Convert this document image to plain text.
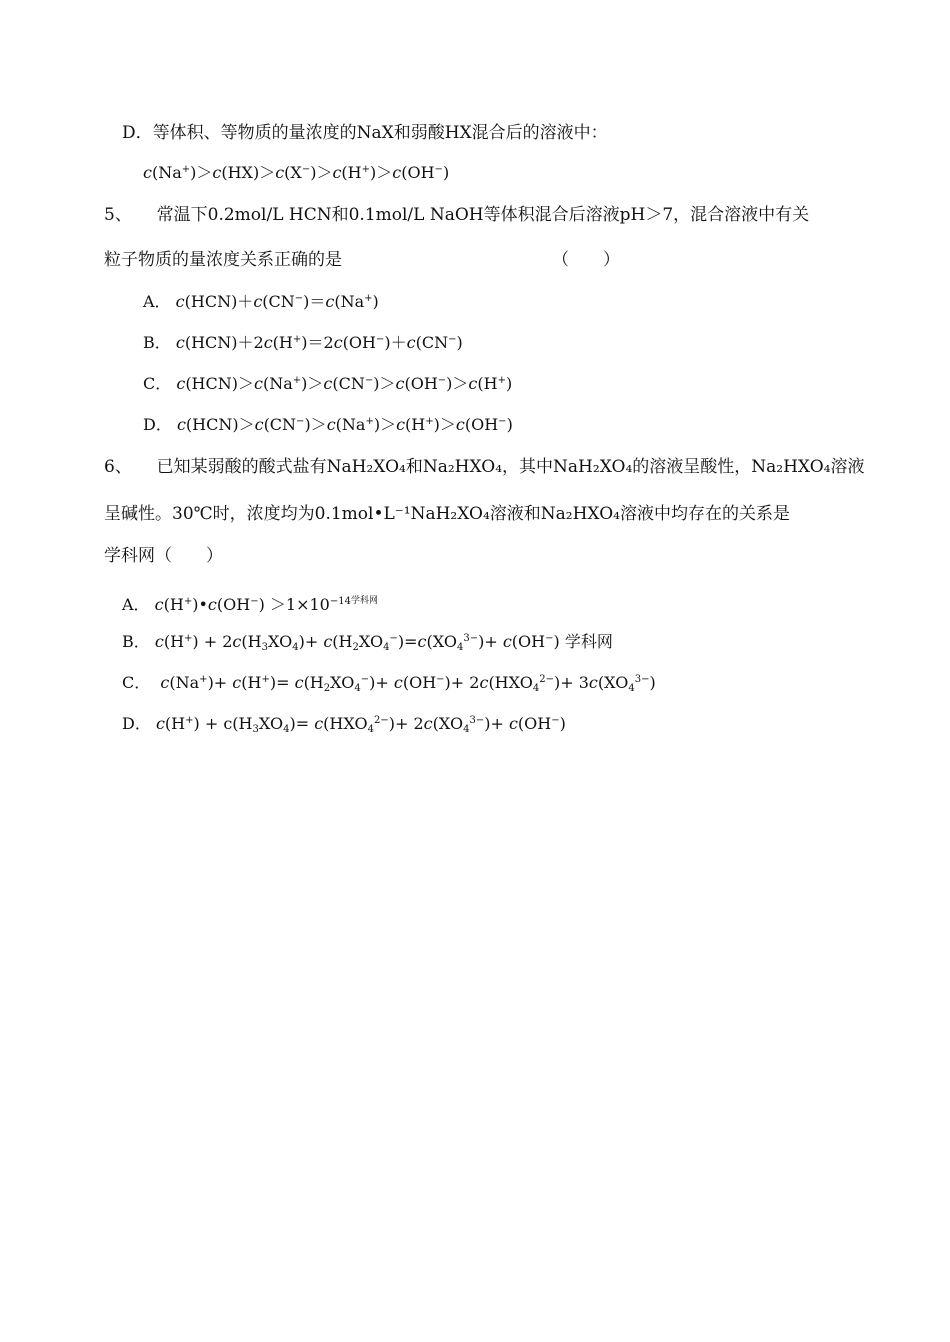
D．等体积、等物质的量浓度的NaX和弱酸HX混合后的溶液中：
c(Na+)＞c(HX)＞c(X−)＞c(H+)＞c(OH−)
5、 常温下0.2mol/L HCN和0.1mol/L NaOH等体积混合后溶液pH＞7，混合溶液中有关
粒子物质的量浓度关系正确的是	（　　）
A． c(HCN)＋c(CN−)＝c(Na+)
B． c(HCN)＋2c(H+)＝2c(OH−)＋c(CN−)
C． c(HCN)＞c(Na+)＞c(CN−)＞c(OH−)＞c(H+)
D． c(HCN)＞c(CN−)＞c(Na+)＞c(H+)＞c(OH−)
6、 已知某弱酸的酸式盐有NaH₂XO₄和Na₂HXO₄，其中NaH₂XO₄的溶液呈酸性，Na₂HXO₄溶液
呈碱性。30℃时，浓度均为0.1mol•L⁻¹NaH₂XO₄溶液和Na₂HXO₄溶液中均存在的关系是
学科网（　　）
A． c(H+)•c(OH−) $>1\times 10^{-14学科网}$
B． $c(H^+) + 2c(H_3XO_4)+ c(H_2XO_4^-)=c(XO_4^{3-})+ c(OH^-)$ 学科网
C． $c(Na^+)+ c(H^+)= c(H_2XO_4^-)+ c(OH^-)+ 2c(HXO_4^{2-})+ 3c(XO_4^{3-})$
D． $c(H^+) + c(H_3XO_4)= c(HXO_4^{2-})+ 2c(XO_4^{3-})+ c(OH^-)$
